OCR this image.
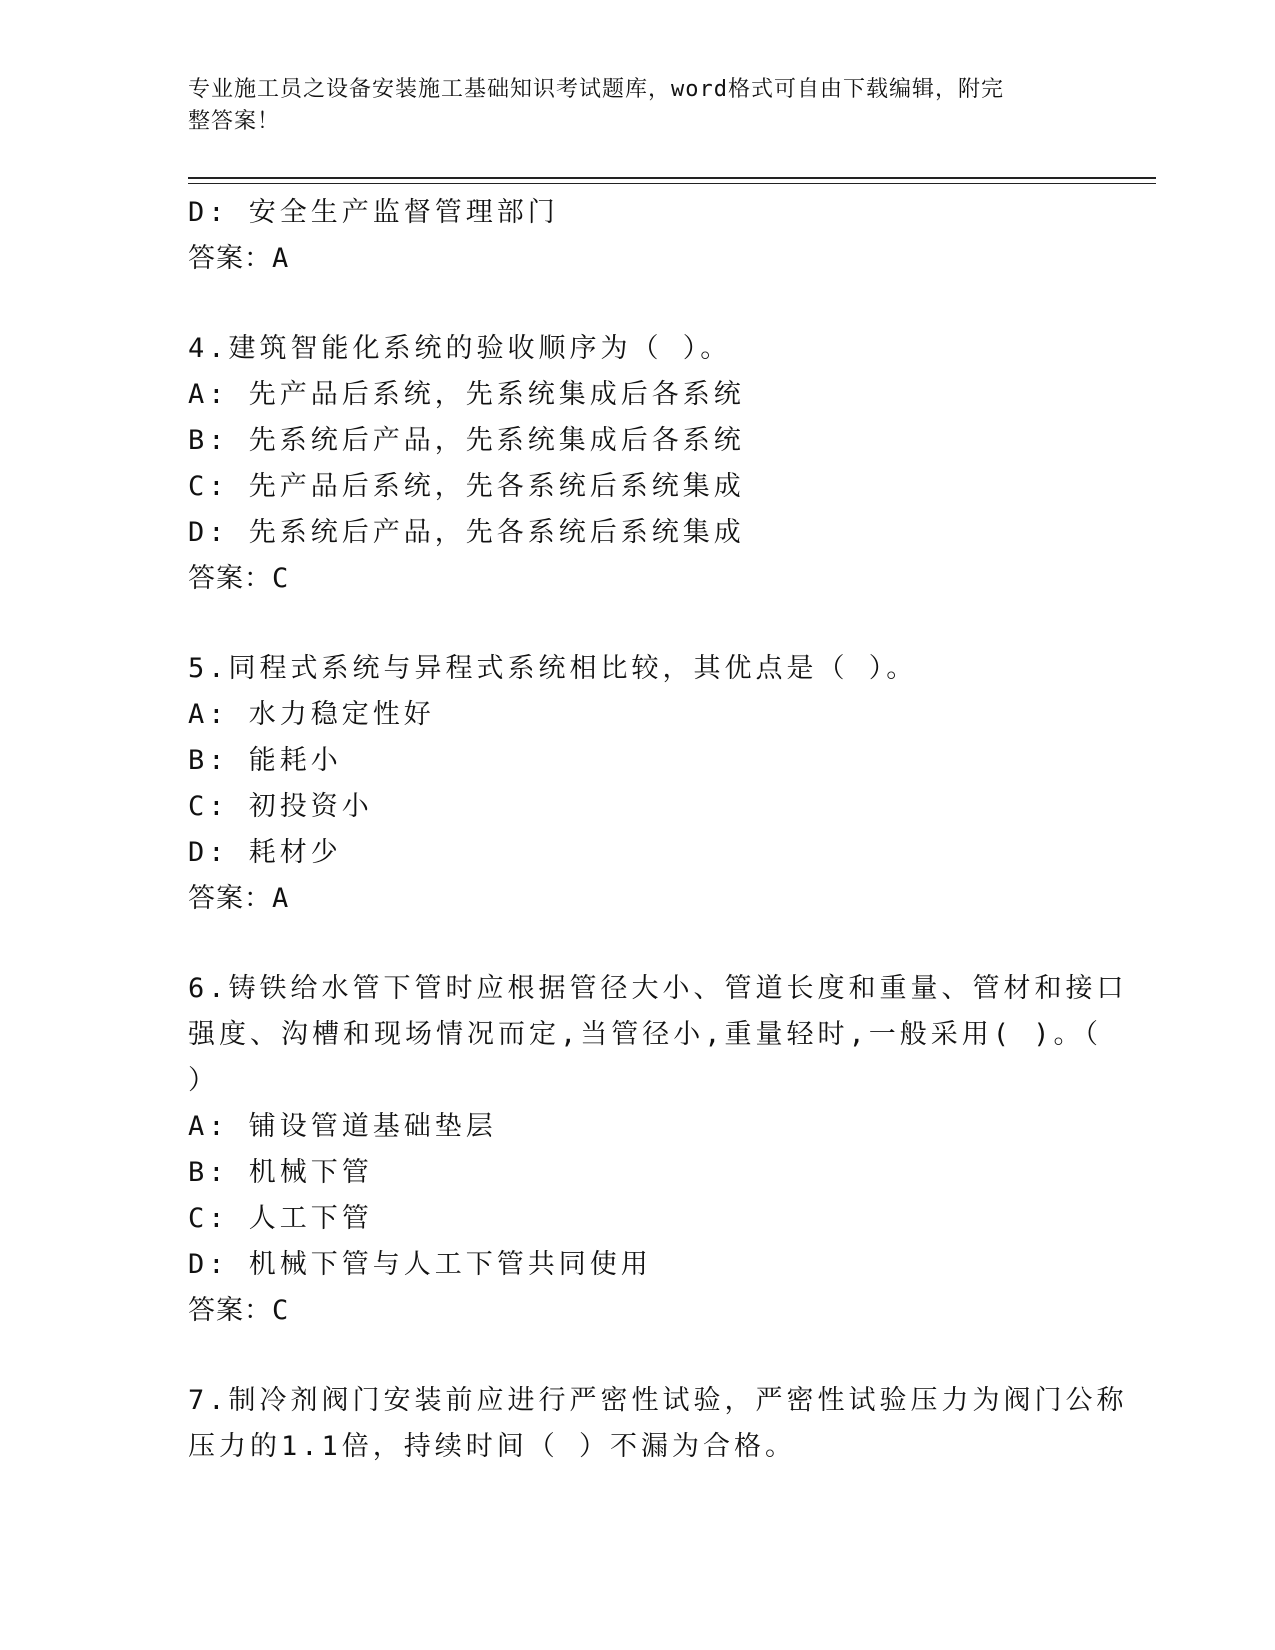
专业施工员之设备安装施工基础知识考试题库，word格式可自由下载编辑，附完
整答案！
D: 安全生产监督管理部门
答案：A
4.建筑智能化系统的验收顺序为（ ）。
A: 先产品后系统，先系统集成后各系统
B: 先系统后产品，先系统集成后各系统
C: 先产品后系统，先各系统后系统集成
D: 先系统后产品，先各系统后系统集成
答案：C
5.同程式系统与异程式系统相比较，其优点是（ ）。
A: 水力稳定性好
B: 能耗小
C: 初投资小
D: 耗材少
答案：A
6.铸铁给水管下管时应根据管径大小、管道长度和重量、管材和接口
强度、沟槽和现场情况而定,当管径小,重量轻时,一般采用( )。（
）
A: 铺设管道基础垫层
B: 机械下管
C: 人工下管
D: 机械下管与人工下管共同使用
答案：C
7.制冷剂阀门安装前应进行严密性试验，严密性试验压力为阀门公称
压力的1.1倍，持续时间（ ）不漏为合格。
